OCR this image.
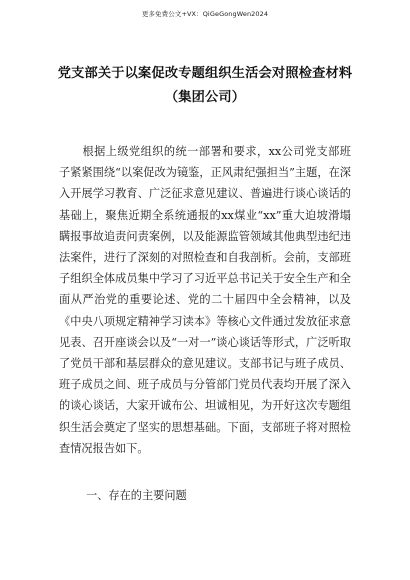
更多免费公文+VX：QiGeGongWen2024

党支部关于以案促改专题组织生活会对照检查材料

（集团公司）

根据上级党组织的统一部署和要求，xx公司党支部班子紧紧围绕“以案促改为镜鉴，正风肃纪强担当”主题，在深入开展学习教育、广泛征求意见建议、普遍进行谈心谈话的基础上，聚焦近期全系统通报的xx煤业“xx”重大迫坡滑塌瞒报事故追责问责案例，以及能源监管领域其他典型违纪违法案件，进行了深刻的对照检查和自我剖析。会前，支部班子组织全体成员集中学习了习近平总书记关于安全生产和全面从严治党的重要论述、党的二十届四中全会精神，以及《中央八项规定精神学习读本》等核心文件通过发放征求意见表、召开座谈会以及“一对一”谈心谈话等形式，广泛听取了党员干部和基层群众的意见建议。支部书记与班子成员、班子成员之间、班子成员与分管部门党员代表均开展了深入的谈心谈话，大家开诚布公、坦诚相见，为开好这次专题组织生活会奠定了坚实的思想基础。下面，支部班子将对照检查情况报告如下。

一、存在的主要问题
